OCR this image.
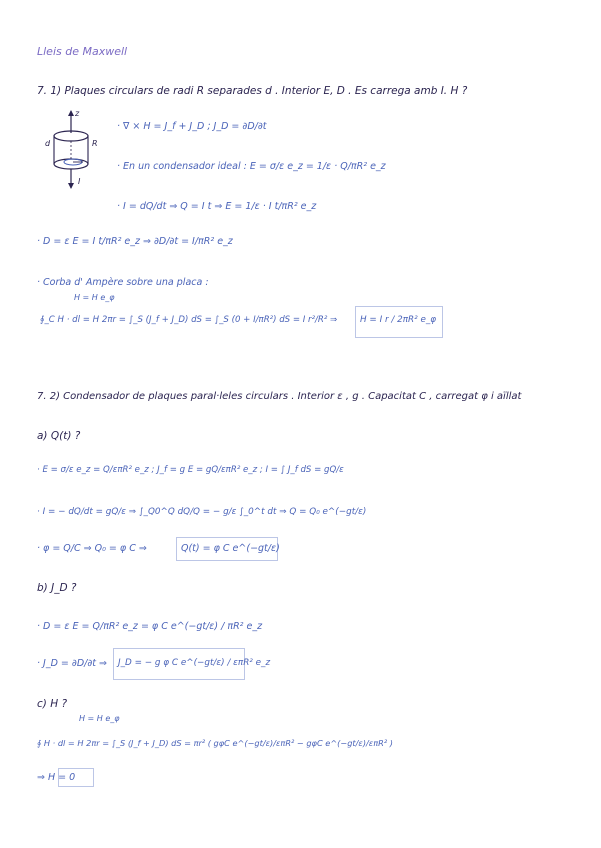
Lleis de Maxwell
7. 1) Plaques circulars de radi R separades d . Interior E, D . Es carrega amb I. H ?
z
d	R
I
· ∇ × H = J_f + J_D ; J_D = ∂D/∂t
· En un condensador ideal : E = σ/ε e_z = 1/ε · Q/πR² e_z
· I = dQ/dt ⇒ Q = I t ⇒ E = 1/ε · I t/πR² e_z
· D = ε E = I t/πR² e_z ⇒ ∂D/∂t = I/πR² e_z
· Corba d' Ampère sobre una placa :
H = H e_φ
∮_C H · dl = H 2πr = ∫_S (J_f + J_D) dS = ∫_S (0 + I/πR²) dS = I r²/R² ⇒	H = I r / 2πR² e_φ
7. 2) Condensador de plaques paral·leles circulars . Interior ε , g . Capacitat C , carregat φ i aïllat
a) Q(t) ?
· E = σ/ε e_z = Q/επR² e_z ; J_f = g E = gQ/επR² e_z ; I = ∫ J_f dS = gQ/ε
· I = − dQ/dt = gQ/ε ⇒ ∫_Q0^Q dQ/Q = − g/ε ∫_0^t dt ⇒ Q = Q₀ e^(−gt/ε)
· φ = Q/C ⇒ Q₀ = φ C ⇒	Q(t) = φ C e^(−gt/ε)
b) J_D ?
· D = ε E = Q/πR² e_z = φ C e^(−gt/ε) / πR² e_z
· J_D = ∂D/∂t ⇒ J_D = − g φ C e^(−gt/ε) / επR² e_z
c) H ?
H = H e_φ
∮ H · dl = H 2πr = ∫_S (J_f + J_D) dS = πr² ( gφC e^(−gt/ε)/επR² − gφC e^(−gt/ε)/επR² )
⇒ H = 0
